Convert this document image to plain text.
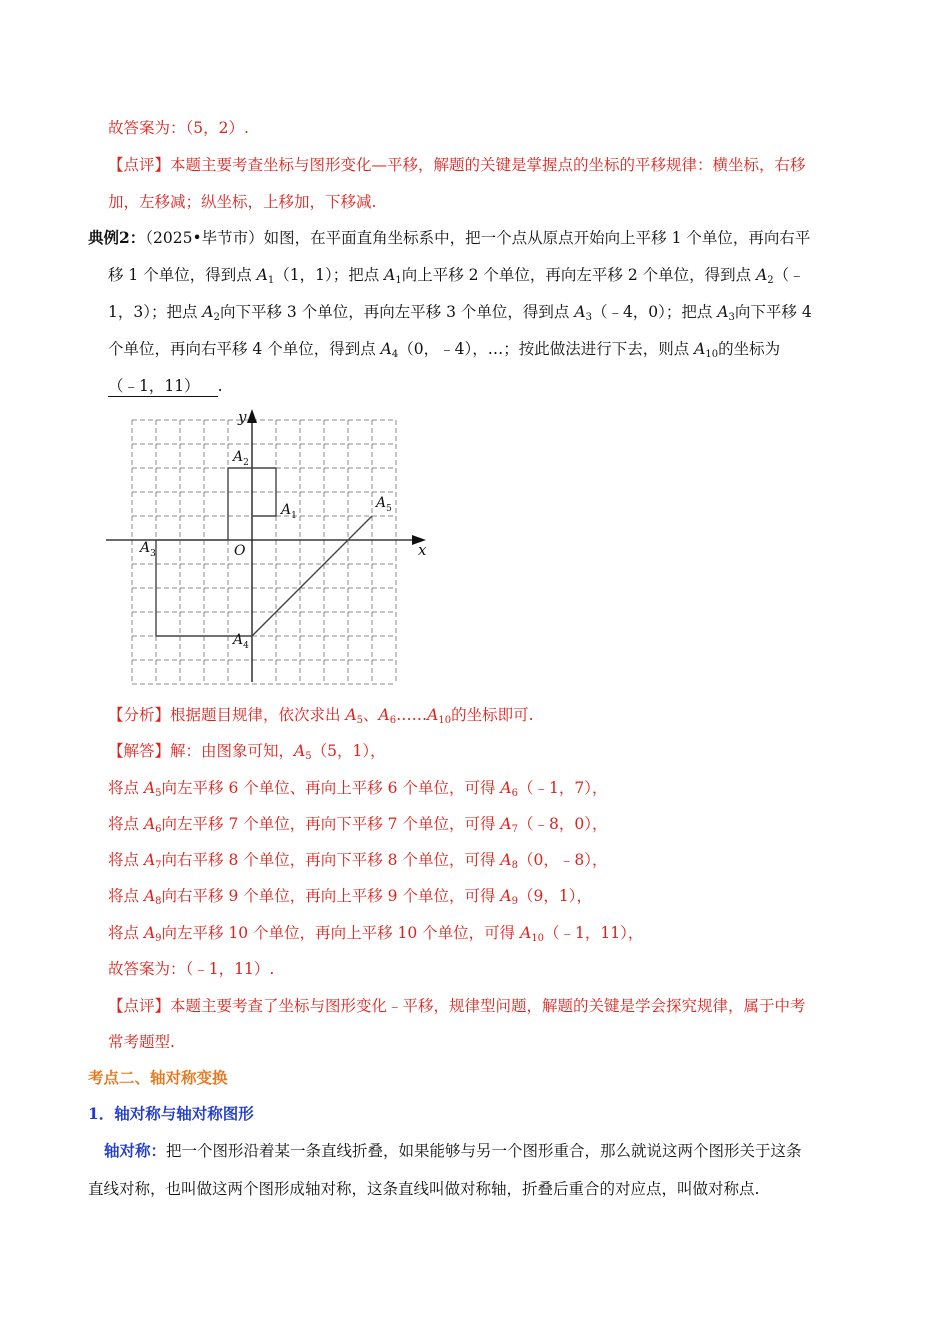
故答案为：（5，2）.
【点评】本题主要考查坐标与图形变化—平移，解题的关键是掌握点的坐标的平移规律：横坐标，右移
加，左移减；纵坐标，上移加，下移减.
典例2：（2025•毕节市）如图，在平面直角坐标系中，把一个点从原点开始向上平移 1 个单位，再向右平
移 1 个单位，得到点 $A_1(1$，1）；把点 $A_1$向上平移 2 个单位，再向左平移 2 个单位，得到点 $A_2(﹣$
1，3）；把点 $A_2$向下平移 3 个单位，再向左平移 3 个单位，得到点 $A_3(﹣4$，0）；把点 $A_3$向下平移 4
个单位，再向右平移 4 个单位，得到点 $A_4(0$，﹣4），…；按此做法进行下去，则点 $A_{10}$的坐标为
（﹣1，11） .
x
y
O
$A_1$
$A_2$
$A_3$
$A_4$
$A_5$
【分析】根据题目规律，依次求出 $A_5$、$A_6\dots\dots A_{10}$的坐标即可.
【解答】解：由图象可知，$A_5(5$，1），
将点 $A_5$向左平移 6 个单位、再向上平移 6 个单位，可得 $A_6(﹣1$，7），
将点 $A_6$向左平移 7 个单位，再向下平移 7 个单位，可得 $A_7(﹣8$，0），
将点 $A_7$向右平移 8 个单位，再向下平移 8 个单位，可得 $A_8(0$，﹣8），
将点 $A_8$向右平移 9 个单位，再向上平移 9 个单位，可得 $A_9(9$，1），
将点 $A_9$向左平移 10 个单位，再向上平移 10 个单位，可得 $A_{10}(﹣1$，11），
故答案为：（﹣1，11）.
【点评】本题主要考查了坐标与图形变化﹣平移，规律型问题，解题的关键是学会探究规律，属于中考
常考题型.
考点二、轴对称变换
1．轴对称与轴对称图形
轴对称：把一个图形沿着某一条直线折叠，如果能够与另一个图形重合，那么就说这两个图形关于这条
直线对称，也叫做这两个图形成轴对称，这条直线叫做对称轴，折叠后重合的对应点，叫做对称点.
